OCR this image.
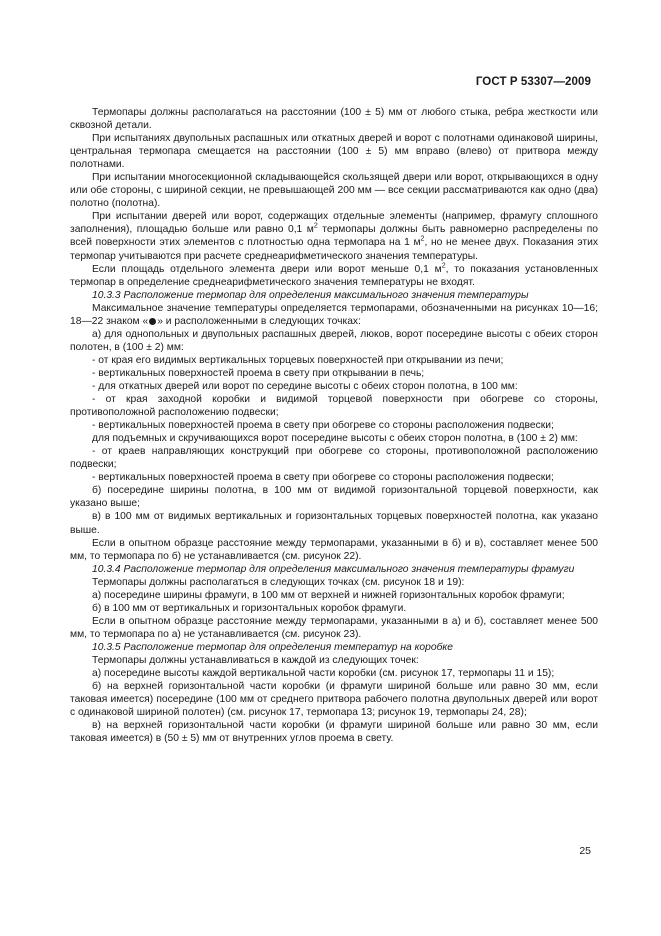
ГОСТ Р 53307—2009

Термопары должны располагаться на расстоянии (100 ± 5) мм от любого стыка, ребра жесткости или сквозной детали.

При испытаниях двупольных распашных или откатных дверей и ворот с полотнами одинаковой ширины, центральная термопара смещается на расстоянии (100 ± 5) мм вправо (влево) от притвора между полотнами.

При испытании многосекционной складывающейся скользящей двери или ворот, открывающихся в одну или обе стороны, с шириной секции, не превышающей 200 мм — все секции рассматриваются как одно (два) полотно (полотна).

При испытании дверей или ворот, содержащих отдельные элементы (например, фрамугу сплошного заполнения), площадью больше или равно 0,1 $м^2$ термопары должны быть равномерно распределены по всей поверхности этих элементов с плотностью одна термопара на 1 $м^2$, но не менее двух. Показания этих термопар учитываются при расчете среднеарифметического значения температуры.

Если площадь отдельного элемента двери или ворот меньше 0,1 $м^2$, то показания установленных термопар в определение среднеарифметического значения температуры не входят.

10.3.3 Расположение термопар для определения максимального значения температуры

Максимальное значение температуры определяется термопарами, обозначенными на рисунках 10—16; 18—22 знаком « » и расположенными в следующих точках:

а) для однопольных и двупольных распашных дверей, люков, ворот посередине высоты с обеих сторон полотен, в (100 ± 2) мм:

- от края его видимых вертикальных торцевых поверхностей при открывании из печи;

- вертикальных поверхностей проема в свету при открывании в печь;

- для откатных дверей или ворот по середине высоты с обеих сторон полотна, в 100 мм:

- от края заходной коробки и видимой торцевой поверхности при обогреве со стороны, противоположной расположению подвески;

- вертикальных поверхностей проема в свету при обогреве со стороны расположения подвески;

для подъемных и скручивающихся ворот посередине высоты с обеих сторон полотна, в (100 ± 2) мм:

- от краев направляющих конструкций при обогреве со стороны, противоположной расположению подвески;

- вертикальных поверхностей проема в свету при обогреве со стороны расположения подвески;

б) посередине ширины полотна, в 100 мм от видимой горизонтальной торцевой поверхности, как указано выше;

в) в 100 мм от видимых вертикальных и горизонтальных торцевых поверхностей полотна, как указано выше.

Если в опытном образце расстояние между термопарами, указанными в б) и в), составляет менее 500 мм, то термопара по б) не устанавливается (см. рисунок 22).

10.3.4 Расположение термопар для определения максимального значения температуры фрамуги

Термопары должны располагаться в следующих точках (см. рисунок 18 и 19):

а) посередине ширины фрамуги, в 100 мм от верхней и нижней горизонтальных коробок фрамуги;

б) в 100 мм от вертикальных и горизонтальных коробок фрамуги.

Если в опытном образце расстояние между термопарами, указанными в а) и б), составляет менее 500 мм, то термопара по а) не устанавливается (см. рисунок 23).

10.3.5 Расположение термопар для определения температур на коробке

Термопары должны устанавливаться в каждой из следующих точек:

а) посередине высоты каждой вертикальной части коробки (см. рисунок 17, термопары 11 и 15);

б) на верхней горизонтальной части коробки (и фрамуги шириной больше или равно 30 мм, если таковая имеется) посередине (100 мм от среднего притвора рабочего полотна двупольных дверей или ворот с одинаковой шириной полотен) (см. рисунок 17, термопара 13; рисунок 19, термопары 24, 28);

в) на верхней горизонтальной части коробки (и фрамуги шириной больше или равно 30 мм, если таковая имеется) в (50 ± 5) мм от внутренних углов проема в свету.

25
